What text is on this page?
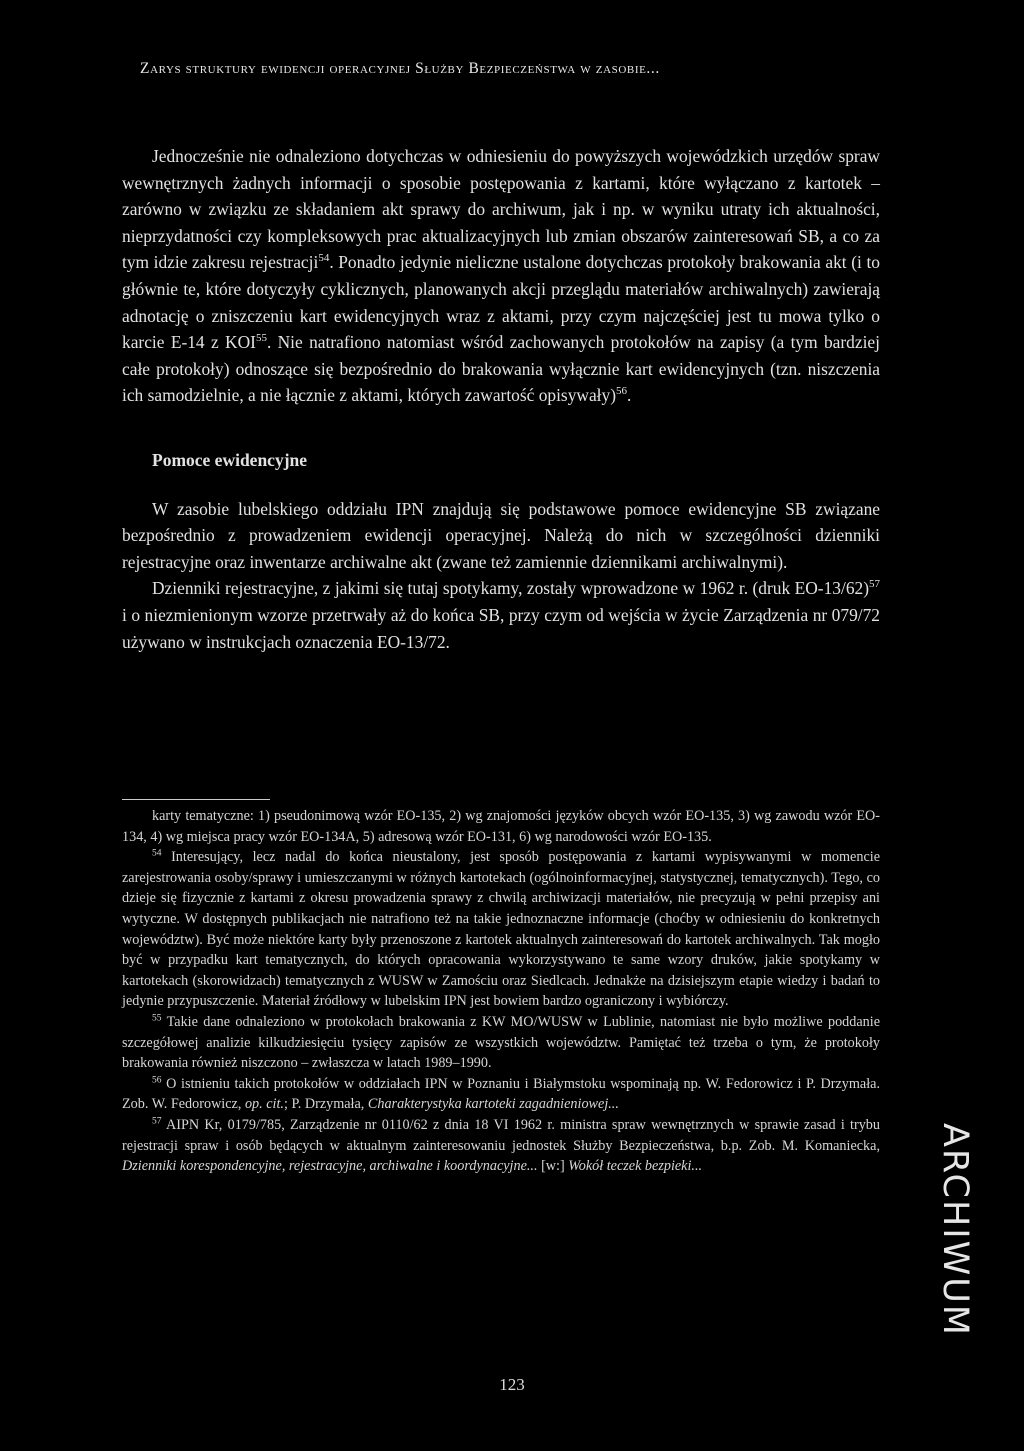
Zarys struktury ewidencji operacyjnej Służby Bezpieczeństwa w zasobie...

Jednocześnie nie odnaleziono dotychczas w odniesieniu do powyższych wojewódzkich urzędów spraw wewnętrznych żadnych informacji o sposobie postępowania z kartami, które wyłączano z kartotek – zarówno w związku ze składaniem akt sprawy do archiwum, jak i np. w wyniku utraty ich aktualności, nieprzydatności czy kompleksowych prac aktualizacyjnych lub zmian obszarów zainteresowań SB, a co za tym idzie zakresu rejestracji$^{54}$. Ponadto jedynie nieliczne ustalone dotychczas protokoły brakowania akt (i to głównie te, które dotyczyły cyklicznych, planowanych akcji przeglądu materiałów archiwalnych) zawierają adnotację o zniszczeniu kart ewidencyjnych wraz z aktami, przy czym najczęściej jest tu mowa tylko o karcie E-14 z KOI$^{55}$. Nie natrafiono natomiast wśród zachowanych protokołów na zapisy (a tym bardziej całe protokoły) odnoszące się bezpośrednio do brakowania wyłącznie kart ewidencyjnych (tzn. niszczenia ich samodzielnie, a nie łącznie z aktami, których zawartość opisywały)$^{56}$.

Pomoce ewidencyjne

W zasobie lubelskiego oddziału IPN znajdują się podstawowe pomoce ewidencyjne SB związane bezpośrednio z prowadzeniem ewidencji operacyjnej. Należą do nich w szczególności dzienniki rejestracyjne oraz inwentarze archiwalne akt (zwane też zamiennie dziennikami archiwalnymi).

Dzienniki rejestracyjne, z jakimi się tutaj spotykamy, zostały wprowadzone w 1962 r. (druk EO-13/62)$^{57}$ i o niezmienionym wzorze przetrwały aż do końca SB, przy czym od wejścia w życie Zarządzenia nr 079/72 używano w instrukcjach oznaczenia EO-13/72.

karty tematyczne: 1) pseudonimową wzór EO-135, 2) wg znajomości języków obcych wzór EO-135, 3) wg zawodu wzór EO-134, 4) wg miejsca pracy wzór EO-134A, 5) adresową wzór EO-131, 6) wg narodowości wzór EO-135.

$^{54}$ Interesujący, lecz nadal do końca nieustalony, jest sposób postępowania z kartami wypisywanymi w momencie zarejestrowania osoby/sprawy i umieszczanymi w różnych kartotekach (ogólnoinformacyjnej, statystycznej, tematycznych). Tego, co dzieje się fizycznie z kartami z okresu prowadzenia sprawy z chwilą archiwizacji materiałów, nie precyzują w pełni przepisy ani wytyczne. W dostępnych publikacjach nie natrafiono też na takie jednoznaczne informacje (choćby w odniesieniu do konkretnych województw). Być może niektóre karty były przenoszone z kartotek aktualnych zainteresowań do kartotek archiwalnych. Tak mogło być w przypadku kart tematycznych, do których opracowania wykorzystywano te same wzory druków, jakie spotykamy w kartotekach (skorowidzach) tematycznych z WUSW w Zamościu oraz Siedlcach. Jednakże na dzisiejszym etapie wiedzy i badań to jedynie przypuszczenie. Materiał źródłowy w lubelskim IPN jest bowiem bardzo ograniczony i wybiórczy.

$^{55}$ Takie dane odnaleziono w protokołach brakowania z KW MO/WUSW w Lublinie, natomiast nie było możliwe poddanie szczegółowej analizie kilkudziesięciu tysięcy zapisów ze wszystkich województw. Pamiętać też trzeba o tym, że protokoły brakowania również niszczono – zwłaszcza w latach 1989–1990.

$^{56}$ O istnieniu takich protokołów w oddziałach IPN w Poznaniu i Białymstoku wspominają np. W. Fedorowicz i P. Drzymała. Zob. W. Fedorowicz, op. cit.; P. Drzymała, Charakterystyka kartoteki zagadnieniowej...

$^{57}$ AIPN Kr, 0179/785, Zarządzenie nr 0110/62 z dnia 18 VI 1962 r. ministra spraw wewnętrznych w sprawie zasad i trybu rejestracji spraw i osób będących w aktualnym zainteresowaniu jednostek Służby Bezpieczeństwa, b.p. Zob. M. Komaniecka, Dzienniki korespondencyjne, rejestracyjne, archiwalne i koordynacyjne... [w:] Wokół teczek bezpieki...	ARCHIWUM
123
